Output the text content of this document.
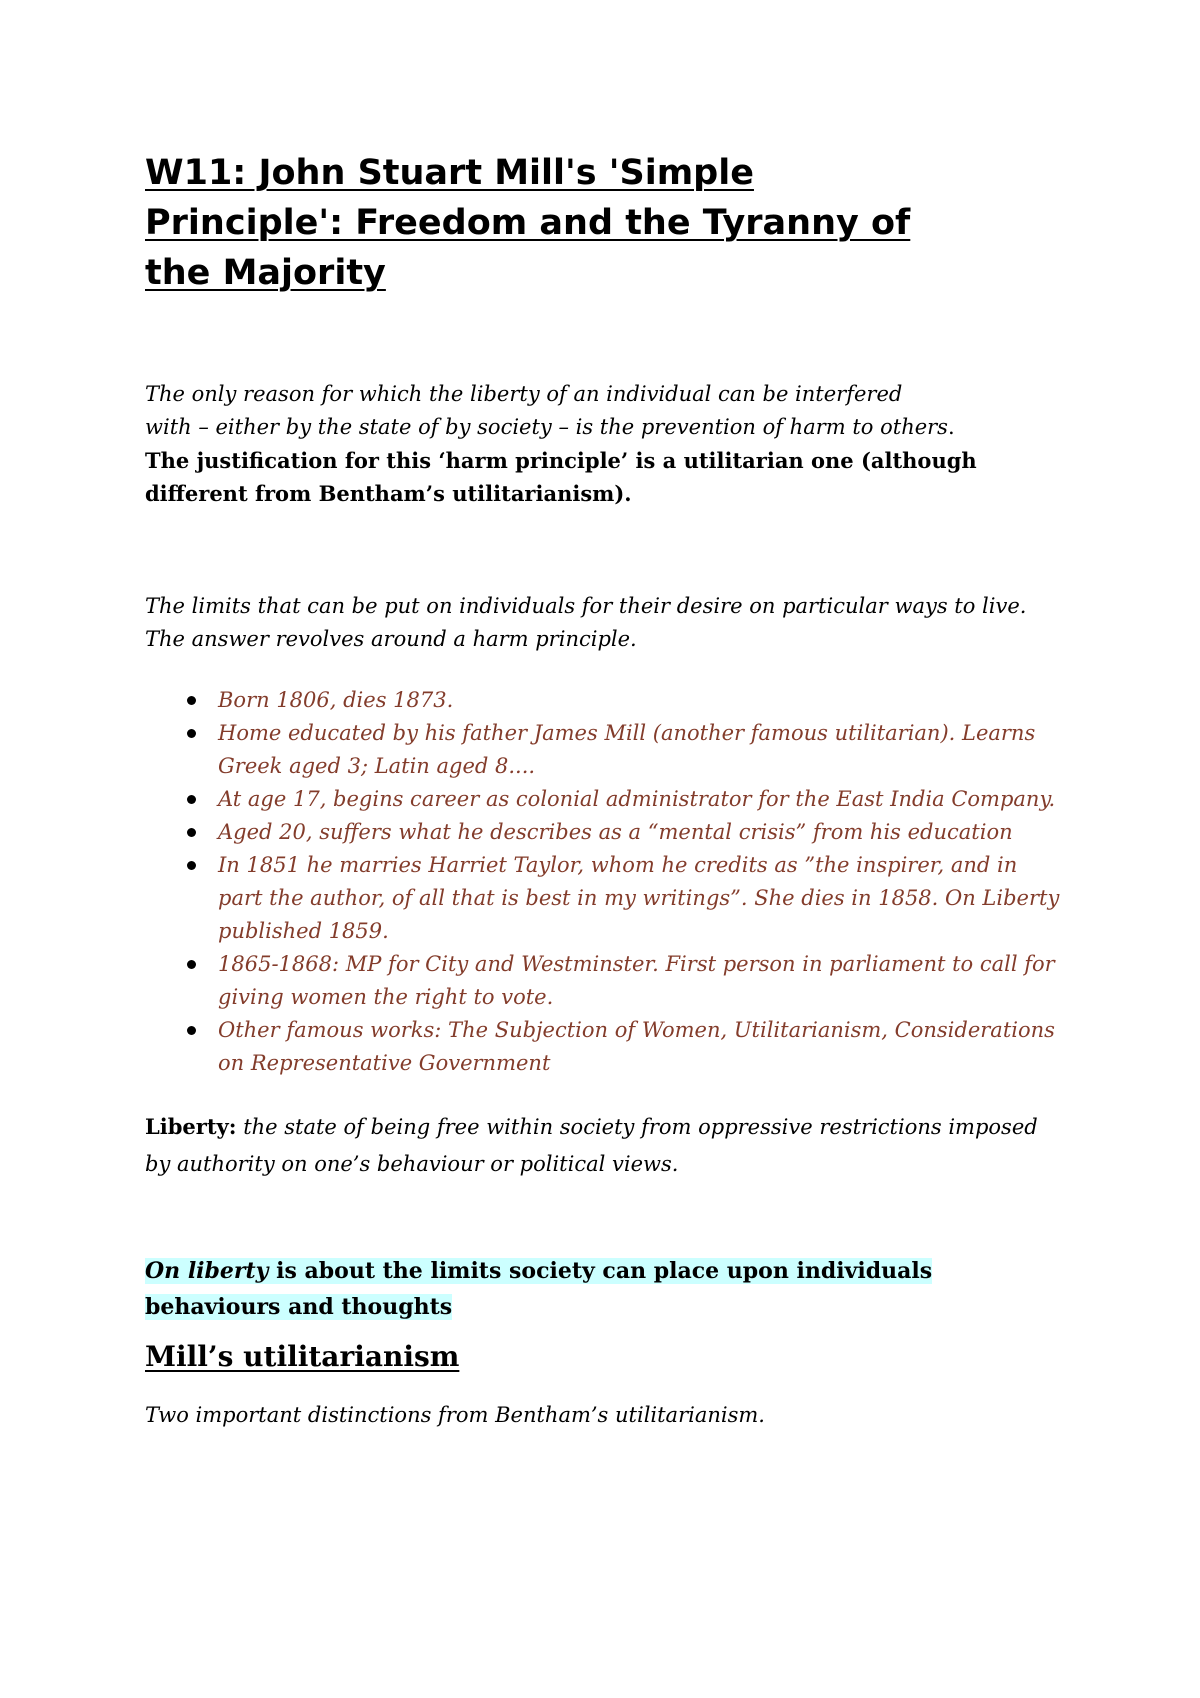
W11: John Stuart Mill's 'Simple
Principle': Freedom and the Tyranny of
the Majority
The only reason for which the liberty of an individual can be interfered
with – either by the state of by society – is the prevention of harm to others.
The justification for this ‘harm principle’ is a utilitarian one (although different from Bentham’s utilitarianism).

The limits that can be put on individuals for their desire on particular ways to live. The answer revolves around a harm principle.

Born 1806, dies 1873.
Home educated by his father James Mill (another famous utilitarian). Learns Greek aged 3; Latin aged 8....
At age 17, begins career as colonial administrator for the East India Company.
Aged 20, suffers what he describes as a “mental crisis” from his education
In 1851 he marries Harriet Taylor, whom he credits as ”the inspirer, and in part the author, of all that is best in my writings”. She dies in 1858. On Liberty published 1859.
1865-1868: MP for City and Westminster. First person in parliament to call for giving women the right to vote.
Other famous works: The Subjection of Women, Utilitarianism, Considerations on Representative Government

Liberty: the state of being free within society from oppressive restrictions imposed by authority on one’s behaviour or political views.

On liberty is about the limits society can place upon individuals behaviours and thoughts

Mill’s utilitarianism

Two important distinctions from Bentham’s utilitarianism.
